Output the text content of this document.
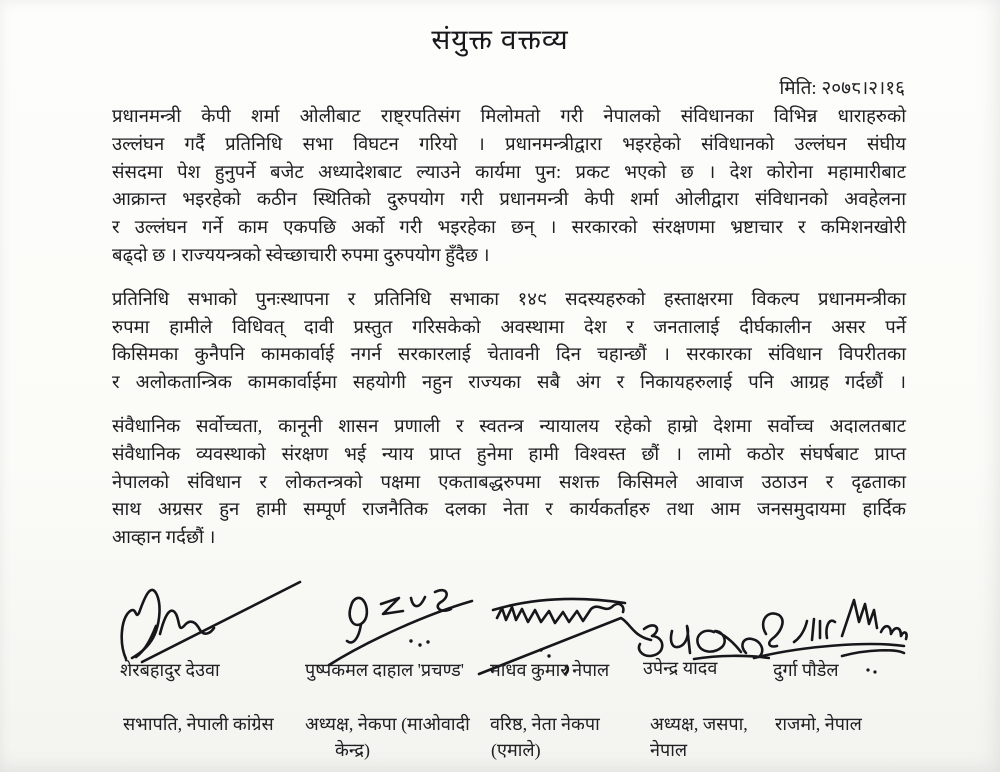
संयुक्त वक्तव्य
मिति: २०७८।२।१६
प्रधानमन्त्री केपी शर्मा ओलीबाट राष्ट्रपतिसंग मिलोमतो गरी नेपालको संविधानका विभिन्न धाराहरुको
उल्लंघन गर्दै प्रतिनिधि सभा विघटन गरियो । प्रधानमन्त्रीद्वारा भइरहेको संविधानको उल्लंघन संघीय
संसदमा पेश हुनुपर्ने बजेट अध्यादेशबाट ल्याउने कार्यमा पुन: प्रकट भएको छ । देश कोरोना महामारीबाट
आक्रान्त भइरहेको कठीन स्थितिको दुरुपयोग गरी प्रधानमन्त्री केपी शर्मा ओलीद्वारा संविधानको अवहेलना
र उल्लंघन गर्ने काम एकपछि अर्को गरी भइरहेका छन् । सरकारको संरक्षणमा भ्रष्टाचार र कमिशनखोरी
बढ्दो छ । राज्ययन्त्रको स्वेच्छाचारी रुपमा दुरुपयोग हुँदैछ ।
प्रतिनिधि सभाको पुनःस्थापना र प्रतिनिधि सभाका १४९ सदस्यहरुको हस्ताक्षरमा विकल्प प्रधानमन्त्रीका
रुपमा हामीले विधिवत् दावी प्रस्तुत गरिसकेको अवस्थामा देश र जनतालाई दीर्घकालीन असर पर्ने
किसिमका कुनैपनि कामकार्वाई नगर्न सरकारलाई चेतावनी दिन चहान्छौं । सरकारका संविधान विपरीतका
र अलोकतान्त्रिक कामकार्वाईमा सहयोगी नहुन राज्यका सबै अंग र निकायहरुलाई पनि आग्रह गर्दछौं ।
संवैधानिक सर्वोच्चता, कानूनी शासन प्रणाली र स्वतन्त्र न्यायालय रहेको हाम्रो देशमा सर्वोच्च अदालतबाट
संवैधानिक व्यवस्थाको संरक्षण भई न्याय प्राप्त हुनेमा हामी विश्वस्त छौं । लामो कठोर संघर्षबाट प्राप्त
नेपालको संविधान र लोकतन्त्रको पक्षमा एकताबद्धरुपमा सशक्त किसिमले आवाज उठाउन र दृढताका
साथ अग्रसर हुन हामी सम्पूर्ण राजनैतिक दलका नेता र कार्यकर्ताहरु तथा आम जनसमुदायमा हार्दिक
आव्हान गर्दछौं ।
शेरबहादुर देउवा	पुष्पकमल दाहाल 'प्रचण्ड' माधव कुमार नेपाल उपेन्द्र यादव	दुर्गा पौडेल
सभापति, नेपाली कांग्रेस अध्यक्ष, नेकपा (माओवादी
केन्द्र)
वरिष्ठ, नेता नेकपा
(एमाले)
अध्यक्ष, जसपा,
नेपाल
राजमो, नेपाल
